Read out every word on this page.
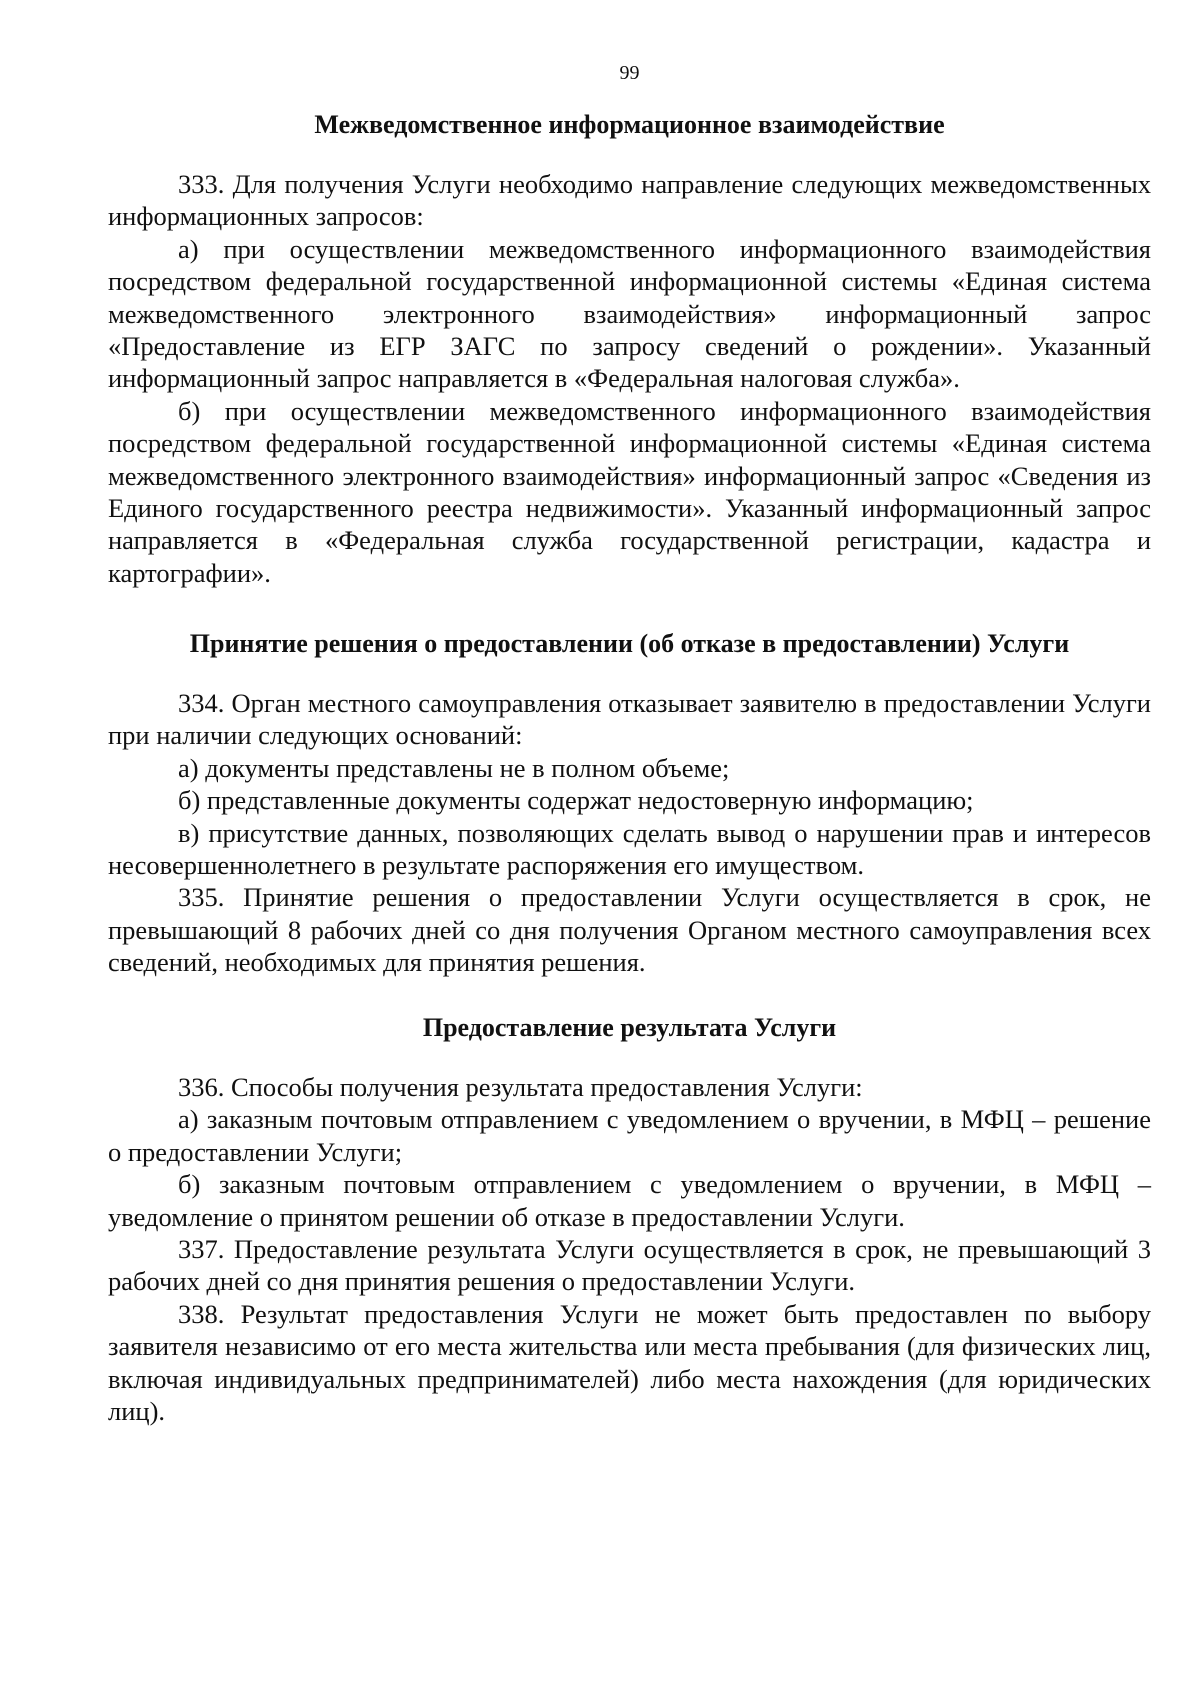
99
Межведомственное информационное взаимодействие

333. Для получения Услуги необходимо направление следующих межведомственных информационных запросов:

а) при осуществлении межведомственного информационного взаимодействия посредством федеральной государственной информационной системы «Единая система межведомственного электронного взаимодействия» информационный запрос «Предоставление из ЕГР ЗАГС по запросу сведений о рождении». Указанный информационный запрос направляется в «Федеральная налоговая служба».

б) при осуществлении межведомственного информационного взаимодействия посредством федеральной государственной информационной системы «Единая система межведомственного электронного взаимодействия» информационный запрос «Сведения из Единого государственного реестра недвижимости». Указанный информационный запрос направляется в «Федеральная служба государственной регистрации, кадастра и картографии».

Принятие решения о предоставлении (об отказе в предоставлении) Услуги

334. Орган местного самоуправления отказывает заявителю в предоставлении Услуги при наличии следующих оснований:

а) документы представлены не в полном объеме;

б) представленные документы содержат недостоверную информацию;

в) присутствие данных, позволяющих сделать вывод о нарушении прав и интересов несовершеннолетнего в результате распоряжения его имуществом.

335. Принятие решения о предоставлении Услуги осуществляется в срок, не превышающий 8 рабочих дней со дня получения Органом местного самоуправления всех сведений, необходимых для принятия решения.

Предоставление результата Услуги

336. Способы получения результата предоставления Услуги:

а) заказным почтовым отправлением с уведомлением о вручении, в МФЦ – решение о предоставлении Услуги;

б) заказным почтовым отправлением с уведомлением о вручении, в МФЦ – уведомление о принятом решении об отказе в предоставлении Услуги.

337. Предоставление результата Услуги осуществляется в срок, не превышающий 3 рабочих дней со дня принятия решения о предоставлении Услуги.

338. Результат предоставления Услуги не может быть предоставлен по выбору заявителя независимо от его места жительства или места пребывания (для физических лиц, включая индивидуальных предпринимателей) либо места нахождения (для юридических лиц).
